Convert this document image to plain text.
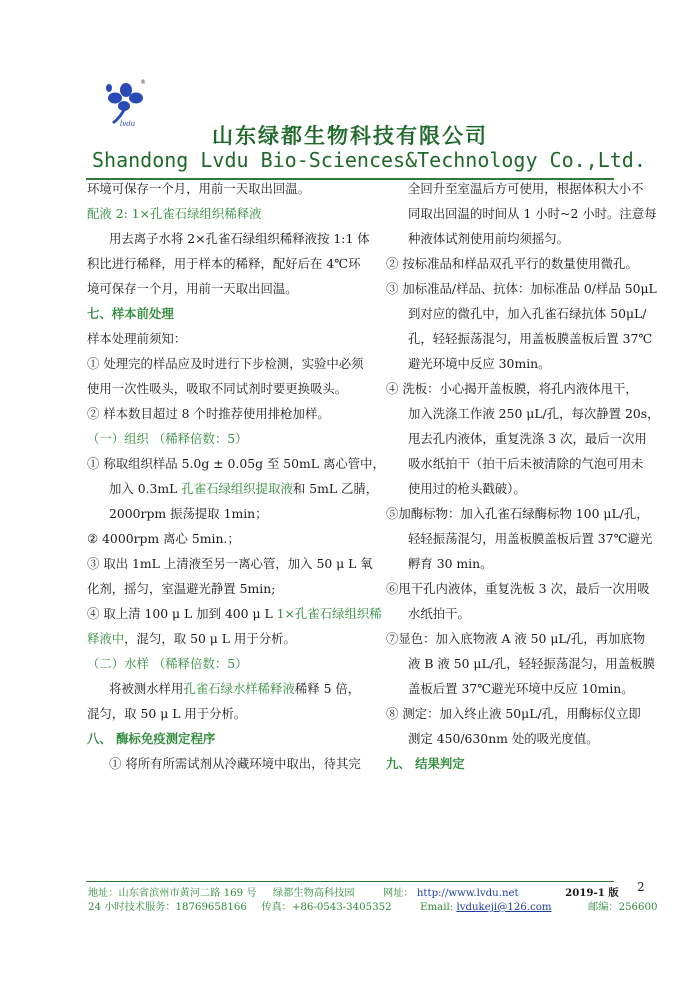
®
lvdu	山东绿都生物科技有限公司
Shandong Lvdu Bio-Sciences&Technology Co.,Ltd.
环境可保存一个月，用前一天取出回温。
配液 2: 1×孔雀石绿组织稀释液
用去离子水将 2×孔雀石绿组织稀释液按 1:1 体
积比进行稀释，用于样本的稀释，配好后在 4℃环
境可保存一个月，用前一天取出回温。
七、样本前处理
样本处理前须知：
① 处理完的样品应及时进行下步检测，实验中必须
使用一次性吸头，吸取不同试剂时要更换吸头。
② 样本数目超过 8 个时推荐使用排枪加样。
（一）组织 （稀释倍数：5）
① 称取组织样品 5.0g ± 0.05g 至 50mL 离心管中，
加入 0.3mL 孔雀石绿组织提取液和 5mL 乙腈，
2000rpm 振荡提取 1min；
② 4000rpm 离心 5min.；
③ 取出 1mL 上清液至另一离心管，加入 50 μ L 氧
化剂，摇匀，室温避光静置 5min;
④ 取上清 100 μ L 加到 400 μ L 1×孔雀石绿组织稀
释液中，混匀，取 50 μ L 用于分析。
（二）水样 （稀释倍数：5）
将被测水样用孔雀石绿水样稀释液稀释 5 倍，
混匀，取 50 μ L 用于分析。
八、 酶标免疫测定程序
① 将所有所需试剂从冷藏环境中取出，待其完
全回升至室温后方可使用，根据体积大小不
同取出回温的时间从 1 小时~2 小时。注意每
种液体试剂使用前均须摇匀。
② 按标准品和样品双孔平行的数量使用微孔。
③ 加标准品/样品、抗体：加标准品 0/样品 50μL
到对应的微孔中，加入孔雀石绿抗体 50μL/
孔，轻轻振荡混匀，用盖板膜盖板后置 37℃
避光环境中反应 30min。
④ 洗板：小心揭开盖板膜，将孔内液体甩干，
加入洗涤工作液 250 μL/孔，每次静置 20s，
甩去孔内液体，重复洗涤 3 次，最后一次用
吸水纸拍干（拍干后未被清除的气泡可用未
使用过的枪头戳破）。
⑤加酶标物：加入孔雀石绿酶标物 100 μL/孔，
轻轻振荡混匀，用盖板膜盖板后置 37℃避光
孵育 30 min。
⑥甩干孔内液体，重复洗板 3 次，最后一次用吸
水纸拍干。
⑦显色：加入底物液 A 液 50 μL/孔，再加底物
液 B 液 50 μL/孔，轻轻振荡混匀，用盖板膜
盖板后置 37℃避光环境中反应 10min。
⑧ 测定：加入终止液 50μL/孔，用酶标仪立即
测定 450/630nm 处的吸光度值。
九、 结果判定
地址：山东省滨州市黄河二路 169 号 绿都生物高科技园	网址： http://www.lvdu.net	2019-1 版
24 小时技术服务：18769658166 传真：+86-0543-3405352	Email: lvdukeji@126.com	邮编：256600
2
